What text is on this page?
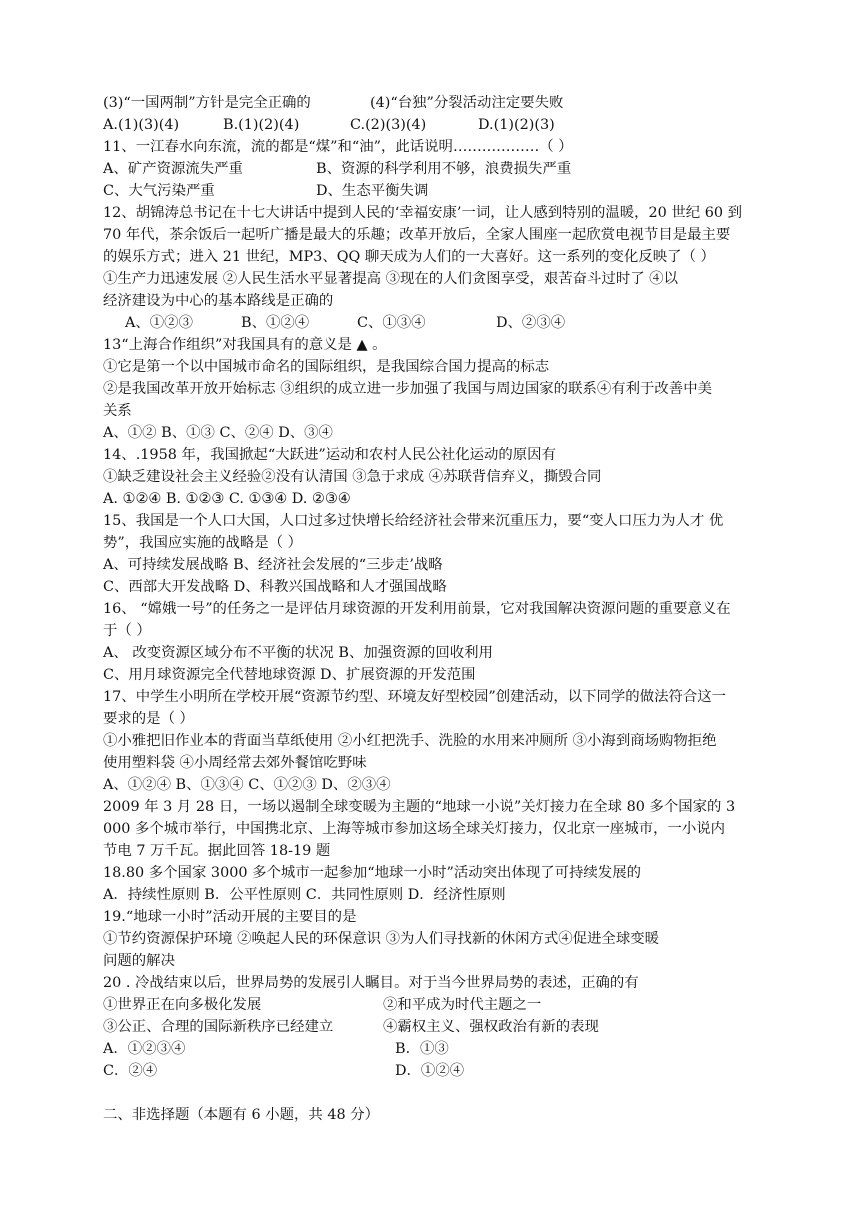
(3)“一国两制”方针是完全正确的	(4)“台独”分裂活动注定要失败
A.(1)(3)(4)	B.(1)(2)(4)	C.(2)(3)(4)	D.(1)(2)(3)
11、一江春水向东流，流的都是“煤”和“油”，此话说明………………（ ）
A、矿产资源流失严重	B、资源的科学利用不够，浪费损失严重
C、大气污染严重	D、生态平衡失调
12、胡锦涛总书记在十七大讲话中提到人民的‘幸福安康’一词，让人感到特别的温暖，20 世纪 60 到
70 年代，茶余饭后一起听广播是最大的乐趣；改革开放后，全家人围座一起欣赏电视节目是最主要
的娱乐方式；进入 21 世纪，MP3、QQ 聊天成为人们的一大喜好。这一系列的变化反映了（ ）
①生产力迅速发展 ②人民生活水平显著提高 ③现在的人们贪图享受，艰苦奋斗过时了 ④以
经济建设为中心的基本路线是正确的
A、①②③	B、①②④	C、①③④	D、②③④
13“上海合作组织”对我国具有的意义是 ▲ 。
①它是第一个以中国城市命名的国际组织，是我国综合国力提高的标志
②是我国改革开放开始标志 ③组织的成立进一步加强了我国与周边国家的联系④有利于改善中美
关系
A、①② B、①③ C、②④ D、③④
14、.1958 年，我国掀起“大跃进”运动和农村人民公社化运动的原因有
①缺乏建设社会主义经验②没有认清国 ③急于求成 ④苏联背信弃义，撕毁合同
A. ①②④ B. ①②③ C. ①③④ D. ②③④
15、我国是一个人口大国，人口过多过快增长给经济社会带来沉重压力，要“变人口压力为人才 优
势”，我国应实施的战略是（ ）
A、可持续发展战略 B、经济社会发展的“三步走’战略
C、西部大开发战略 D、科教兴国战略和人才强国战略
16、 “嫦娥一号”的任务之一是评估月球资源的开发利用前景，它对我国解决资源问题的重要意义在
于（ ）
A、 改变资源区域分布不平衡的状况 B、加强资源的回收利用
C、用月球资源完全代替地球资源 D、扩展资源的开发范围
17、中学生小明所在学校开展“资源节约型、环境友好型校园”创建活动，以下同学的做法符合这一
要求的是（ ）
①小雅把旧作业本的背面当草纸使用 ②小红把洗手、洗脸的水用来冲厕所 ③小海到商场购物拒绝
使用塑料袋 ④小周经常去郊外餐馆吃野味
A、①②④ B、①③④ C、①②③ D、②③④
2009 年 3 月 28 日，一场以遏制全球变暖为主题的“地球一小说”关灯接力在全球 80 多个国家的 3
000 多个城市举行，中国携北京、上海等城市参加这场全球关灯接力，仅北京一座城市，一小说内
节电 7 万千瓦。据此回答 18-19 题
18.80 多个国家 3000 多个城市一起参加“地球一小时”活动突出体现了可持续发展的
A．持续性原则 B．公平性原则 C．共同性原则 D．经济性原则
19.“地球一小时”活动开展的主要目的是
①节约资源保护环境 ②唤起人民的环保意识 ③为人们寻找新的休闲方式④促进全球变暖
问题的解决
20 . 冷战结束以后，世界局势的发展引人瞩目。对于当今世界局势的表述，正确的有
①世界正在向多极化发展	②和平成为时代主题之一
③公正、合理的国际新秩序已经建立	④霸权主义、强权政治有新的表现
A．①②③④	B．①③
C．②④	D．①②④
二、非选择题（本题有 6 小题，共 48 分）
